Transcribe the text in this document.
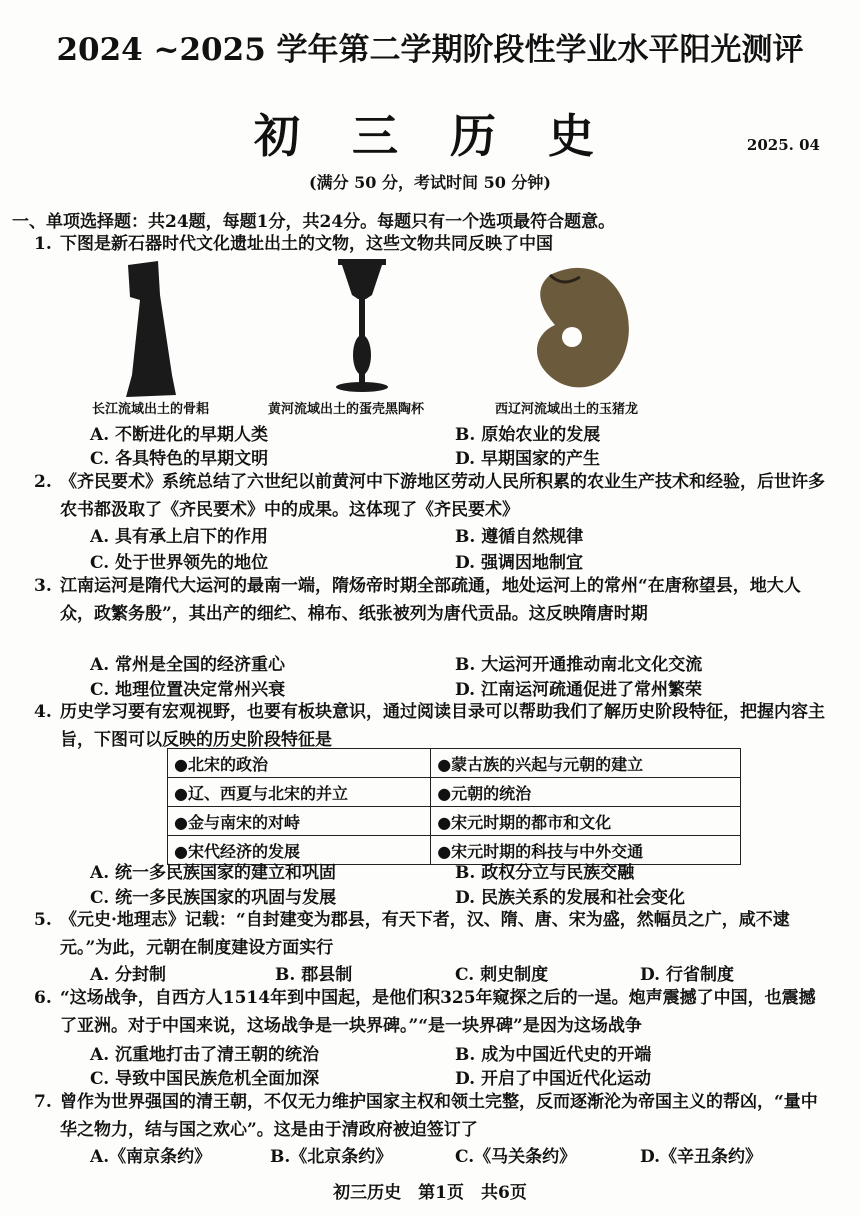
2024 ~2025 学年第二学期阶段性学业水平阳光测评
初三历史	2025. 04
(满分 50 分，考试时间 50 分钟)
一、单项选择题：共24题，每题1分，共24分。每题只有一个选项最符合题意。
1. 下图是新石器时代文化遗址出土的文物，这些文物共同反映了中国
长江流域出土的骨耜	黄河流域出土的蛋壳黑陶杯	西辽河流域出土的玉猪龙
A. 不断进化的早期人类	B. 原始农业的发展
C. 各具特色的早期文明	D. 早期国家的产生
2. 《齐民要术》系统总结了六世纪以前黄河中下游地区劳动人民所积累的农业生产技术和经验，后世许多农书都汲取了《齐民要术》中的成果。这体现了《齐民要术》
A. 具有承上启下的作用	B. 遵循自然规律
C. 处于世界领先的地位	D. 强调因地制宜
3. 江南运河是隋代大运河的最南一端，隋炀帝时期全部疏通，地处运河上的常州“在唐称望县，地大人众，政繁务殷”，其出产的细纻、棉布、纸张被列为唐代贡品。这反映隋唐时期
A. 常州是全国的经济重心	B. 大运河开通推动南北文化交流
C. 地理位置决定常州兴衰	D. 江南运河疏通促进了常州繁荣
4. 历史学习要有宏观视野，也要有板块意识，通过阅读目录可以帮助我们了解历史阶段特征，把握内容主旨，下图可以反映的历史阶段特征是
●北宋的政治	●蒙古族的兴起与元朝的建立
●辽、西夏与北宋的并立	●元朝的统治
●金与南宋的对峙	●宋元时期的都市和文化
●宋代经济的发展	●宋元时期的科技与中外交通
A. 统一多民族国家的建立和巩固	B. 政权分立与民族交融
C. 统一多民族国家的巩固与发展	D. 民族关系的发展和社会变化
5. 《元史·地理志》记载：“自封建变为郡县，有天下者，汉、隋、唐、宋为盛，然幅员之广，咸不逮元。”为此，元朝在制度建设方面实行
A. 分封制	B. 郡县制	C. 刺史制度	D. 行省制度
6. “这场战争，自西方人1514年到中国起，是他们积325年窥探之后的一逞。炮声震撼了中国，也震撼了亚洲。对于中国来说，这场战争是一块界碑。”“是一块界碑”是因为这场战争
A. 沉重地打击了清王朝的统治	B. 成为中国近代史的开端
C. 导致中国民族危机全面加深	D. 开启了中国近代化运动
7. 曾作为世界强国的清王朝，不仅无力维护国家主权和领土完整，反而逐渐沦为帝国主义的帮凶，“量中华之物力，结与国之欢心”。这是由于清政府被迫签订了
A.《南京条约》	B.《北京条约》	C.《马关条约》	D.《辛丑条约》
初三历史　第1页　共6页
